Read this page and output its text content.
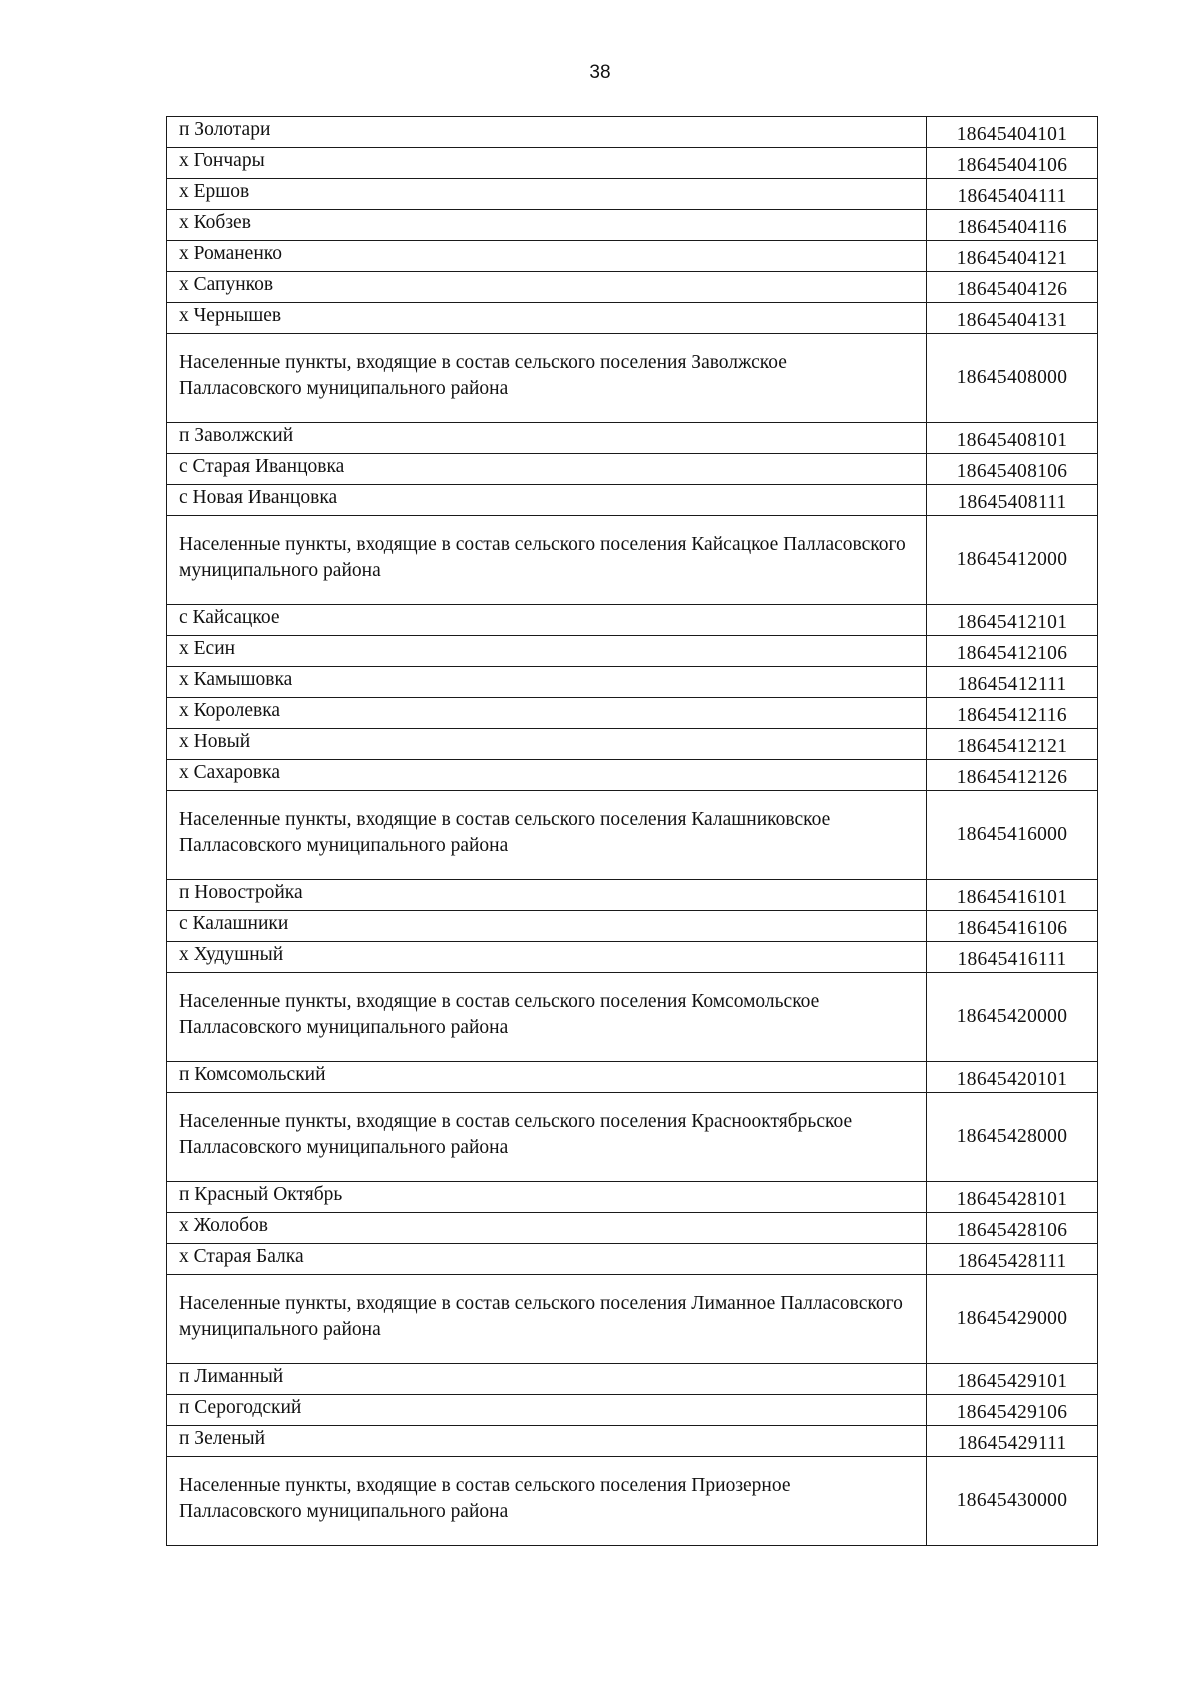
38
п Золотари	18645404101
х Гончары	18645404106
х Ершов	18645404111
х Кобзев	18645404116
х Романенко	18645404121
х Сапунков	18645404126
х Чернышев	18645404131
Населенные пункты, входящие в состав сельского поселения Заволжское Палласовского муниципального района	18645408000
п Заволжский	18645408101
с Старая Иванцовка	18645408106
с Новая Иванцовка	18645408111
Населенные пункты, входящие в состав сельского поселения Кайсацкое Палласовского муниципального района	18645412000
с Кайсацкое	18645412101
х Есин	18645412106
х Камышовка	18645412111
х Королевка	18645412116
х Новый	18645412121
х Сахаровка	18645412126
Населенные пункты, входящие в состав сельского поселения Калашниковское Палласовского муниципального района	18645416000
п Новостройка	18645416101
с Калашники	18645416106
х Худушный	18645416111
Населенные пункты, входящие в состав сельского поселения Комсомольское Палласовского муниципального района	18645420000
п Комсомольский	18645420101
Населенные пункты, входящие в состав сельского поселения Краснооктябрьское Палласовского муниципального района	18645428000
п Красный Октябрь	18645428101
х Жолобов	18645428106
х Старая Балка	18645428111
Населенные пункты, входящие в состав сельского поселения Лиманное Палласовского муниципального района	18645429000
п Лиманный	18645429101
п Серогодский	18645429106
п Зеленый	18645429111
Населенные пункты, входящие в состав сельского поселения Приозерное Палласовского муниципального района	18645430000
